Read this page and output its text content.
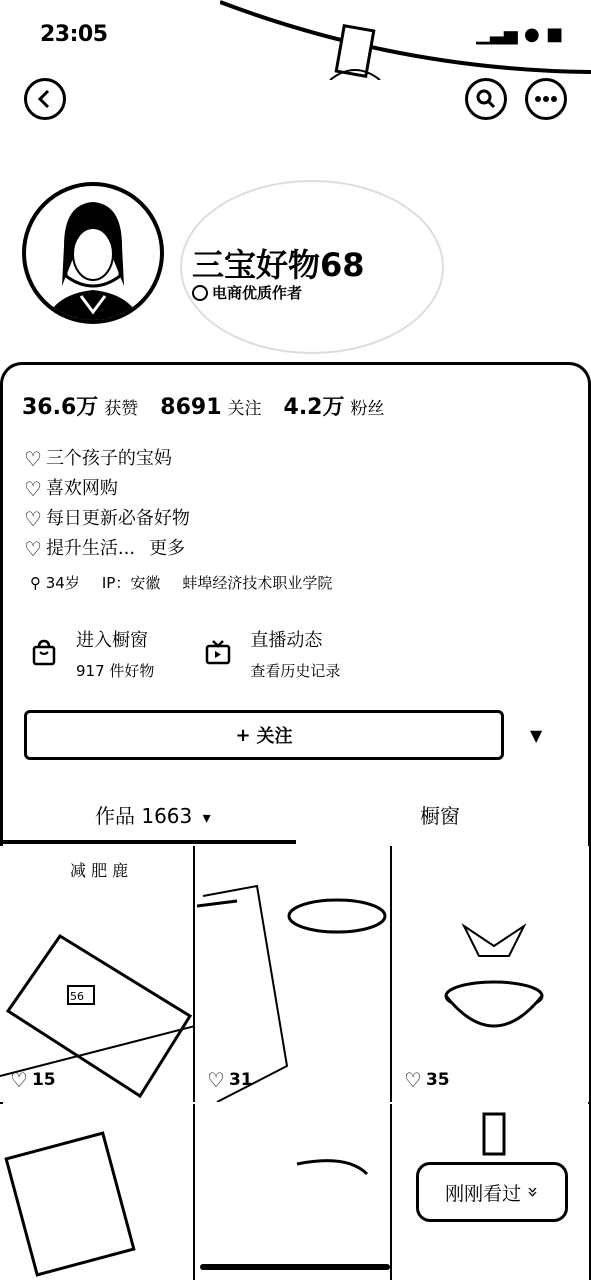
23:05	▁▃▅ ● ■
三宝好物68
电商优质作者
36.6万 获赞 8691 关注 4.2万 粉丝
♡ 三个孩子的宝妈
♡ 喜欢网购
♡ 每日更新必备好物
♡ 提升生活... 更多
⚲ 34岁 IP：安徽 蚌埠经济技术职业学院
进入橱窗
917 件好物
直播动态
查看历史记录
+ 关注	▼
作品 1663 ▾	橱窗
减 肥 鹿
56
♡ 15	♡ 31	♡ 35
刚刚看过 »
